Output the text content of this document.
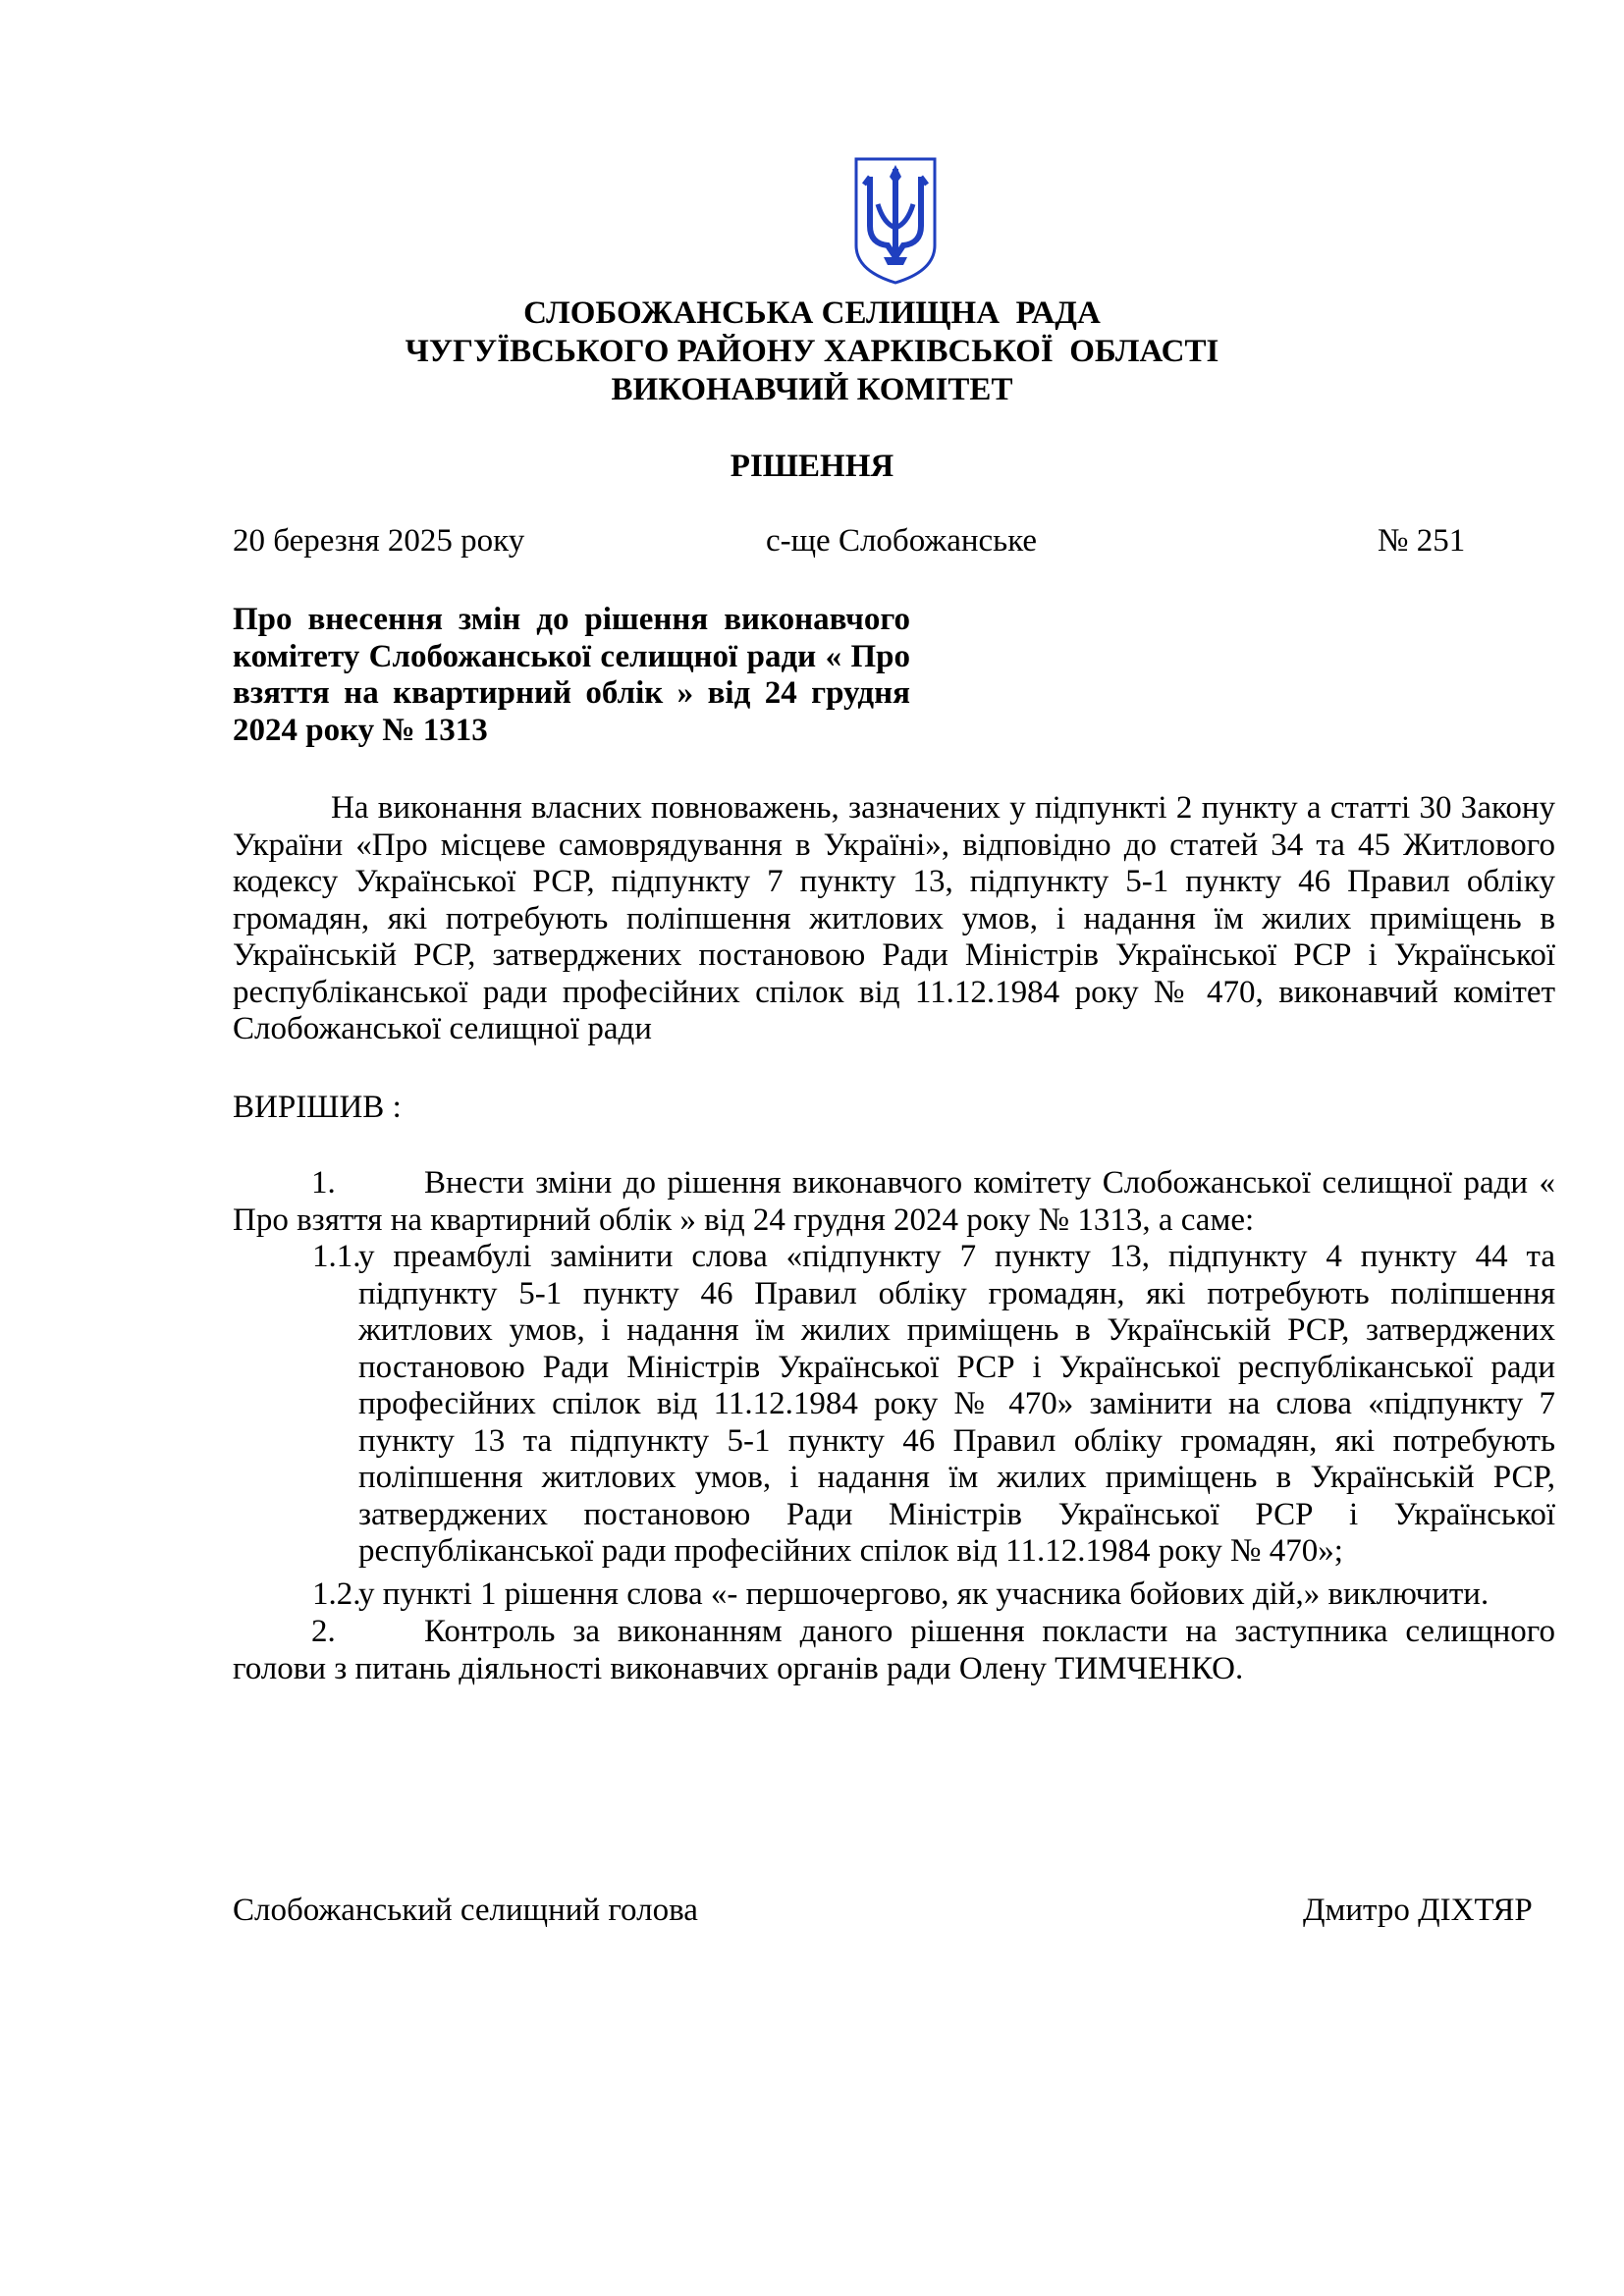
СЛОБОЖАНСЬКА СЕЛИЩНА  РАДА
ЧУГУЇВСЬКОГО РАЙОНУ ХАРКІВСЬКОЇ  ОБЛАСТІ
ВИКОНАВЧИЙ КОМІТЕТ
РІШЕННЯ
20 березня 2025 року	с-ще Слобожанське	№ 251
Про внесення змін до рішення виконавчого комітету Слобожанської селищної ради « Про взяття на квартирний облік » від 24 грудня 2024 року № 1313
На виконання власних повноважень, зазначених у підпункті 2 пункту а статті 30 Закону України «Про місцеве самоврядування в Україні», відповідно до статей 34 та 45 Житлового кодексу Української РСР, підпункту 7 пункту 13, підпункту 5-1 пункту 46 Правил обліку громадян, які потребують поліпшення житлових умов, і надання їм жилих приміщень в Українській РСР, затверджених постановою Ради Міністрів Української РСР і Української республіканської ради професійних спілок від 11.12.1984 року № 470, виконавчий комітет Слобожанської селищної ради
ВИРІШИВ :
1.	Внести зміни до рішення виконавчого комітету Слобожанської селищної ради « Про взяття на квартирний облік » від 24 грудня 2024 року № 1313, а саме:
1.1.
у преамбулі замінити слова «підпункту 7 пункту 13, підпункту 4 пункту 44 та підпункту 5-1 пункту 46 Правил обліку громадян, які потребують поліпшення житлових умов, і надання їм жилих приміщень в Українській РСР, затверджених постановою Ради Міністрів Української РСР і Української республіканської ради професійних спілок від 11.12.1984 року № 470» замінити на слова «підпункту 7 пункту 13 та підпункту 5-1 пункту 46 Правил обліку громадян, які потребують поліпшення житлових умов, і надання їм жилих приміщень в Українській РСР, затверджених постановою Ради Міністрів Української РСР і Української республіканської ради професійних спілок від 11.12.1984 року № 470»;
1.2.
у пункті 1 рішення слова «- першочергово, як учасника бойових дій,» виключити.
2.	Контроль за виконанням даного рішення покласти на заступника селищного голови з питань діяльності виконавчих органів ради Олену ТИМЧЕНКО.
Слобожанський селищний голова	Дмитро ДІХТЯР
